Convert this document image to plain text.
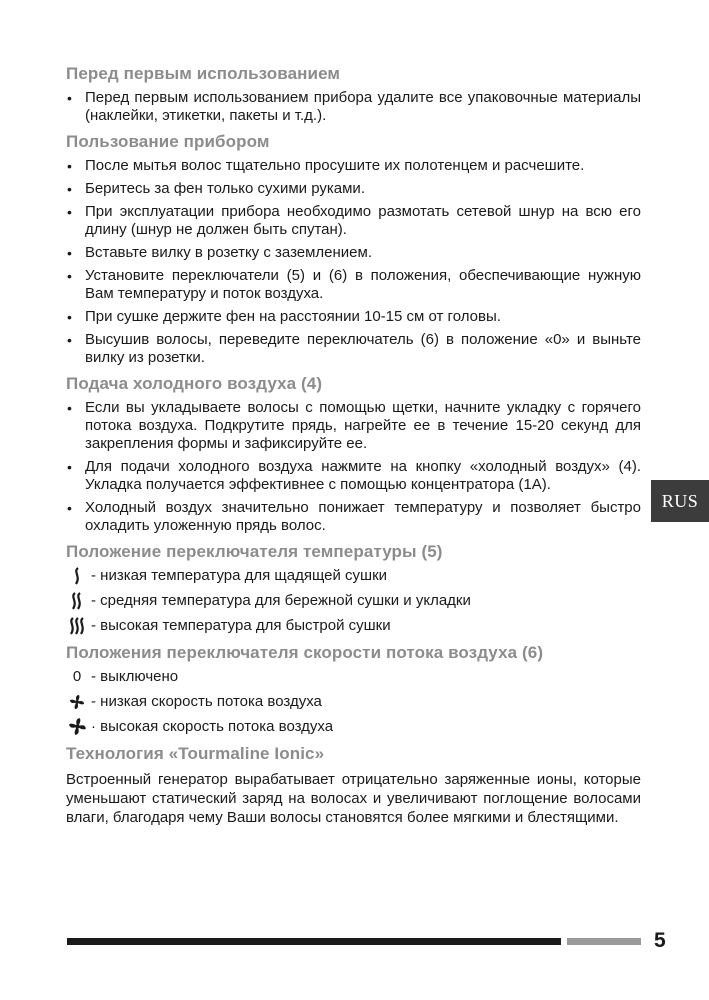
Перед первым использованием
• Перед первым использованием прибора удалите все упаковочные материалы (наклейки, этикетки, пакеты и т.д.).
Пользование прибором
• После мытья волос тщательно просушите их полотенцем и расчешите.
• Беритесь за фен только сухими руками.
• При эксплуатации прибора необходимо размотать сетевой шнур на всю его длину (шнур не должен быть спутан).
• Вставьте вилку в розетку с заземлением.
• Установите переключатели (5) и (6) в положения, обеспечивающие нужную Вам температуру и поток воздуха.
• При сушке держите фен на расстоянии 10-15 см от головы.
• Высушив волосы, переведите переключатель (6) в положение «0» и выньте вилку из розетки.
Подача холодного воздуха (4)
• Если вы укладываете волосы с помощью щетки, начните укладку с горячего потока воздуха. Подкрутите прядь, нагрейте ее в течение 15-20 секунд для закрепления формы и зафиксируйте ее.
• Для подачи холодного воздуха нажмите на кнопку «холодный воздух» (4). Укладка получается эффективнее с помощью концентратора (1А).
• Холодный воздух значительно понижает температуру и позволяет быстро охладить уложенную прядь волос.
Положение переключателя температуры (5)
- низкая температура для щадящей сушки
- средняя температура для бережной сушки и укладки
- высокая температура для быстрой сушки
Положения переключателя скорости потока воздуха (6)
0 - выключено
- низкая скорость потока воздуха
· высокая скорость потока воздуха
Технология «Tourmaline Ionic»

Встроенный генератор вырабатывает отрицательно заряженные ионы, которые уменьшают статический заряд на волосах и увеличивают поглощение волосами влаги, благодаря чему Ваши волосы становятся более мягкими и блестящими.

RUS
5
